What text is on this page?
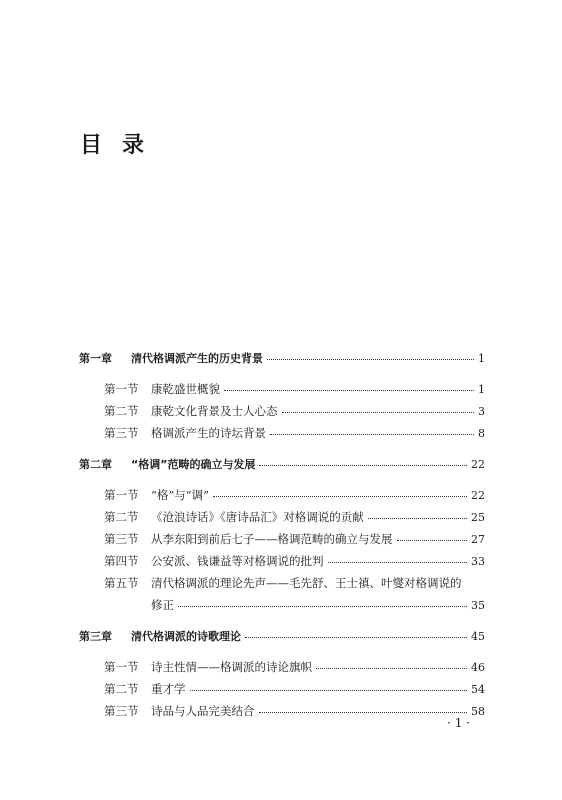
目录
第一章	清代格调派产生的历史背景	1
第一节	康乾盛世概貌	1
第二节	康乾文化背景及士人心态	3
第三节	格调派产生的诗坛背景	8
第二章	“格调”范畴的确立与发展	22
第一节	“格”与“调”	22
第二节	《沧浪诗话》《唐诗品汇》对格调说的贡献	25
第三节	从李东阳到前后七子——格调范畴的确立与发展	27
第四节	公安派、钱谦益等对格调说的批判	33
第五节	清代格调派的理论先声——毛先舒、王士禛、叶燮对格调说的
修正	35
第三章	清代格调派的诗歌理论	45
第一节	诗主性情——格调派的诗论旗帜	46
第二节	重才学	54
第三节	诗品与人品完美结合	58
· 1 ·
